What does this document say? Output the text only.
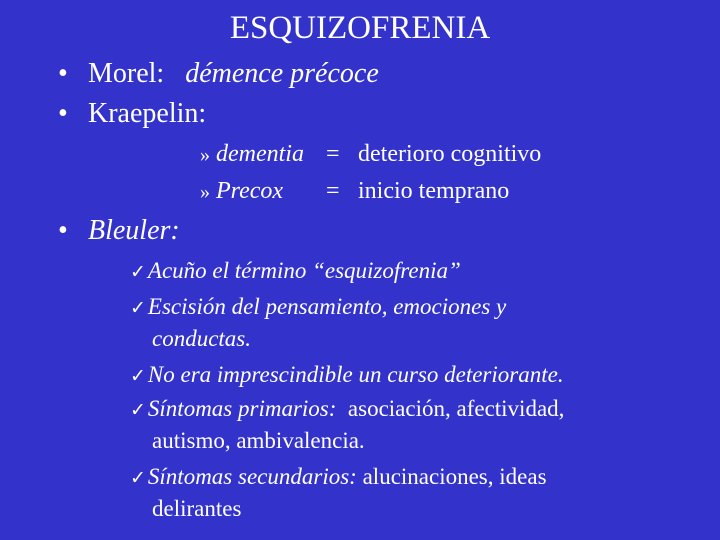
ESQUIZOFRENIA
• Morel: démence précoce
• Kraepelin:
» dementia = deterioro cognitivo
» Precox = inicio temprano
• Bleuler:
✓Acuño el término “esquizofrenia”
✓Escisión del pensamiento, emociones y
conductas.
✓No era imprescindible un curso deteriorante.
✓Síntomas primarios:  asociación, afectividad,
autismo, ambivalencia.
✓Síntomas secundarios: alucinaciones, ideas
delirantes
